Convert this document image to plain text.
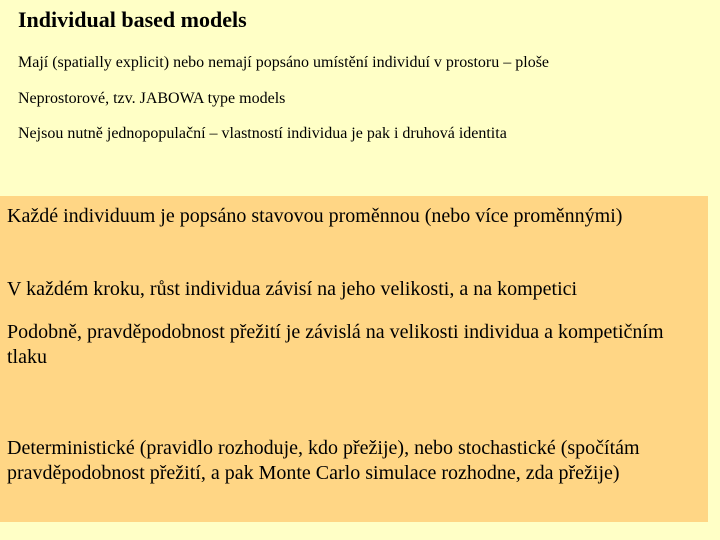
Individual based models
Mají (spatially explicit) nebo nemají popsáno umístění individuí v prostoru – ploše
Neprostorové, tzv. JABOWA type models
Nejsou nutně jednopopulační – vlastností individua je pak i druhová identita
Každé individuum je popsáno stavovou proměnnou (nebo více proměnnými)
V každém kroku, růst individua závisí na jeho velikosti, a na kompetici
Podobně, pravděpodobnost přežití je závislá na velikosti individua a kompetičním tlaku
Deterministické (pravidlo rozhoduje, kdo přežije), nebo stochastické (spočítám pravděpodobnost přežití, a pak Monte Carlo simulace rozhodne, zda přežije)
